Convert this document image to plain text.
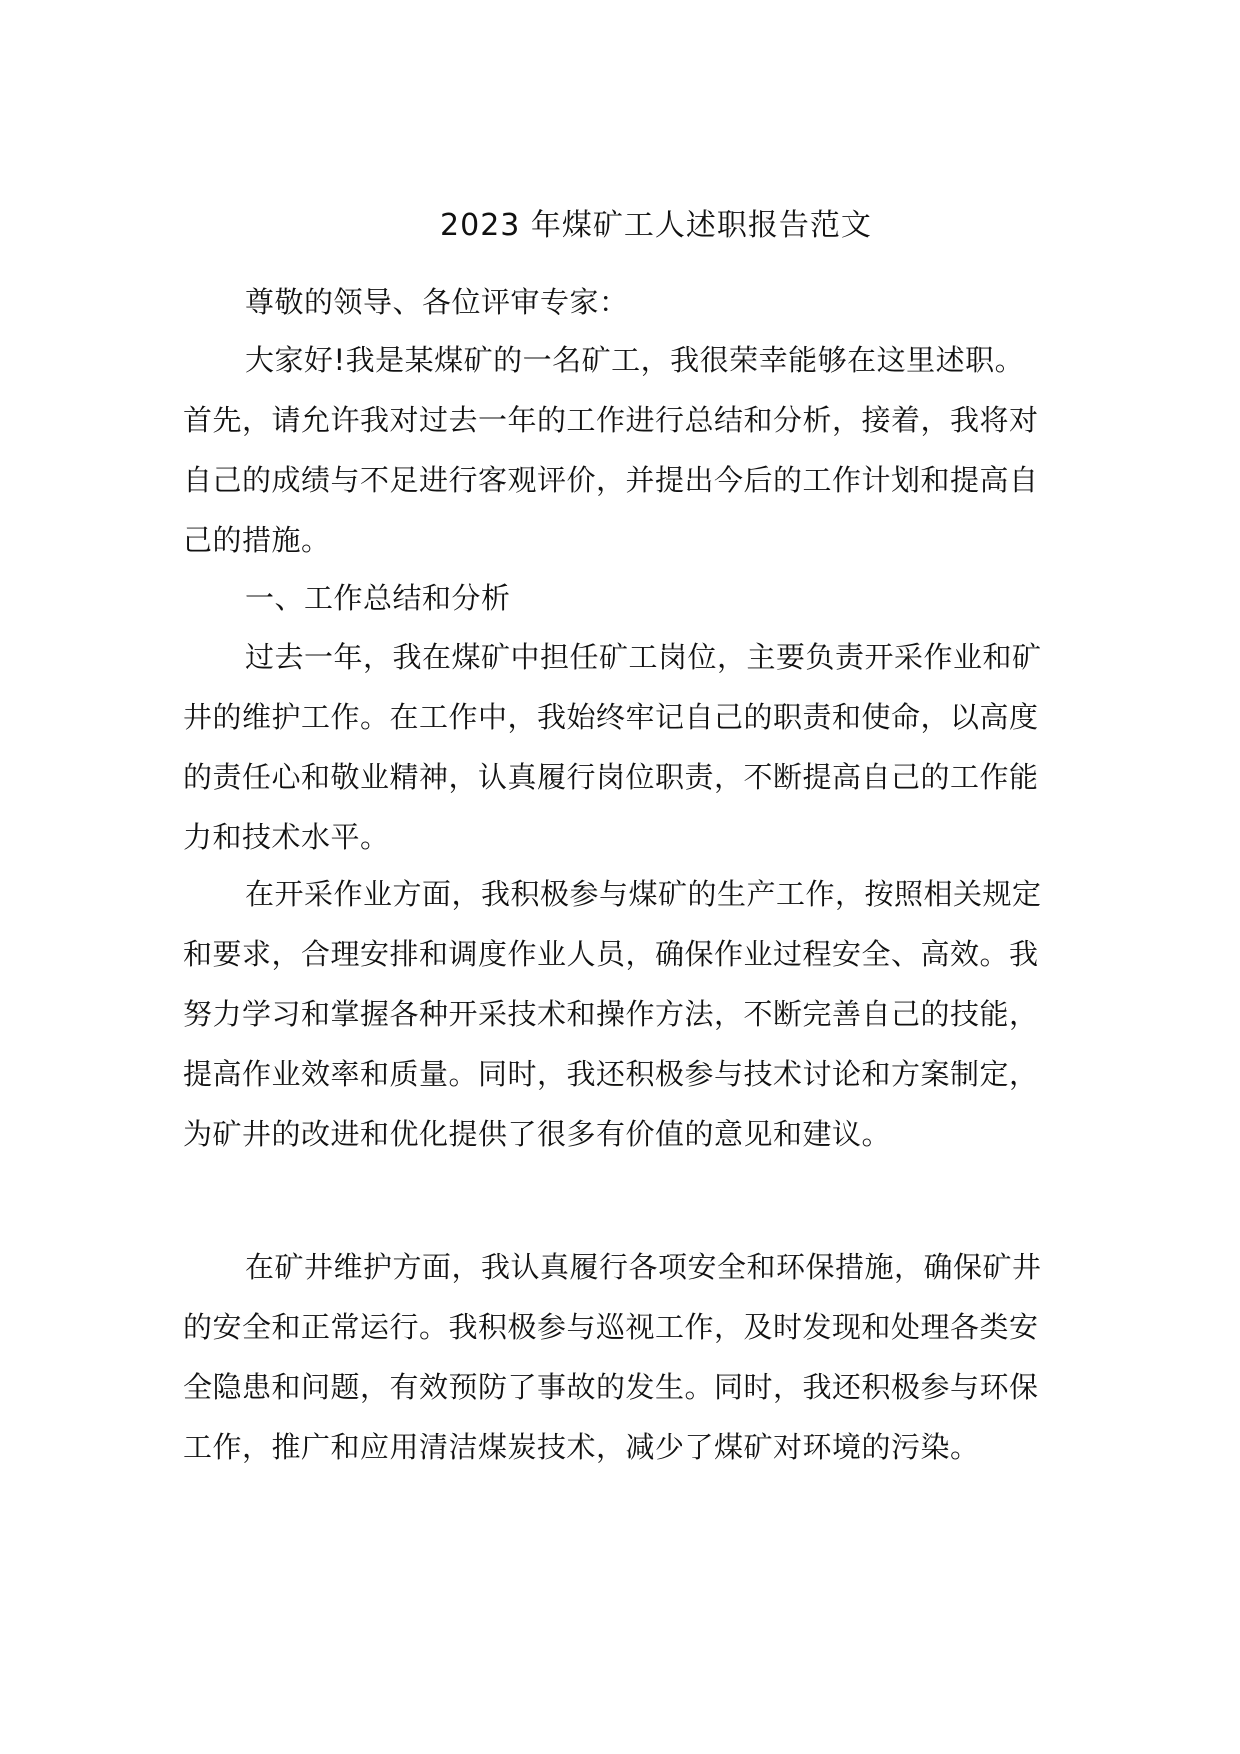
2023 年煤矿工人述职报告范文

尊敬的领导、各位评审专家：

大家好!我是某煤矿的一名矿工，我很荣幸能够在这里述职。首先，请允许我对过去一年的工作进行总结和分析，接着，我将对自己的成绩与不足进行客观评价，并提出今后的工作计划和提高自己的措施。

一、工作总结和分析

过去一年，我在煤矿中担任矿工岗位，主要负责开采作业和矿井的维护工作。在工作中，我始终牢记自己的职责和使命，以高度的责任心和敬业精神，认真履行岗位职责，不断提高自己的工作能力和技术水平。

在开采作业方面，我积极参与煤矿的生产工作，按照相关规定和要求，合理安排和调度作业人员，确保作业过程安全、高效。我努力学习和掌握各种开采技术和操作方法，不断完善自己的技能，提高作业效率和质量。同时，我还积极参与技术讨论和方案制定，为矿井的改进和优化提供了很多有价值的意见和建议。

在矿井维护方面，我认真履行各项安全和环保措施，确保矿井的安全和正常运行。我积极参与巡视工作，及时发现和处理各类安全隐患和问题，有效预防了事故的发生。同时，我还积极参与环保工作，推广和应用清洁煤炭技术，减少了煤矿对环境的污染。
